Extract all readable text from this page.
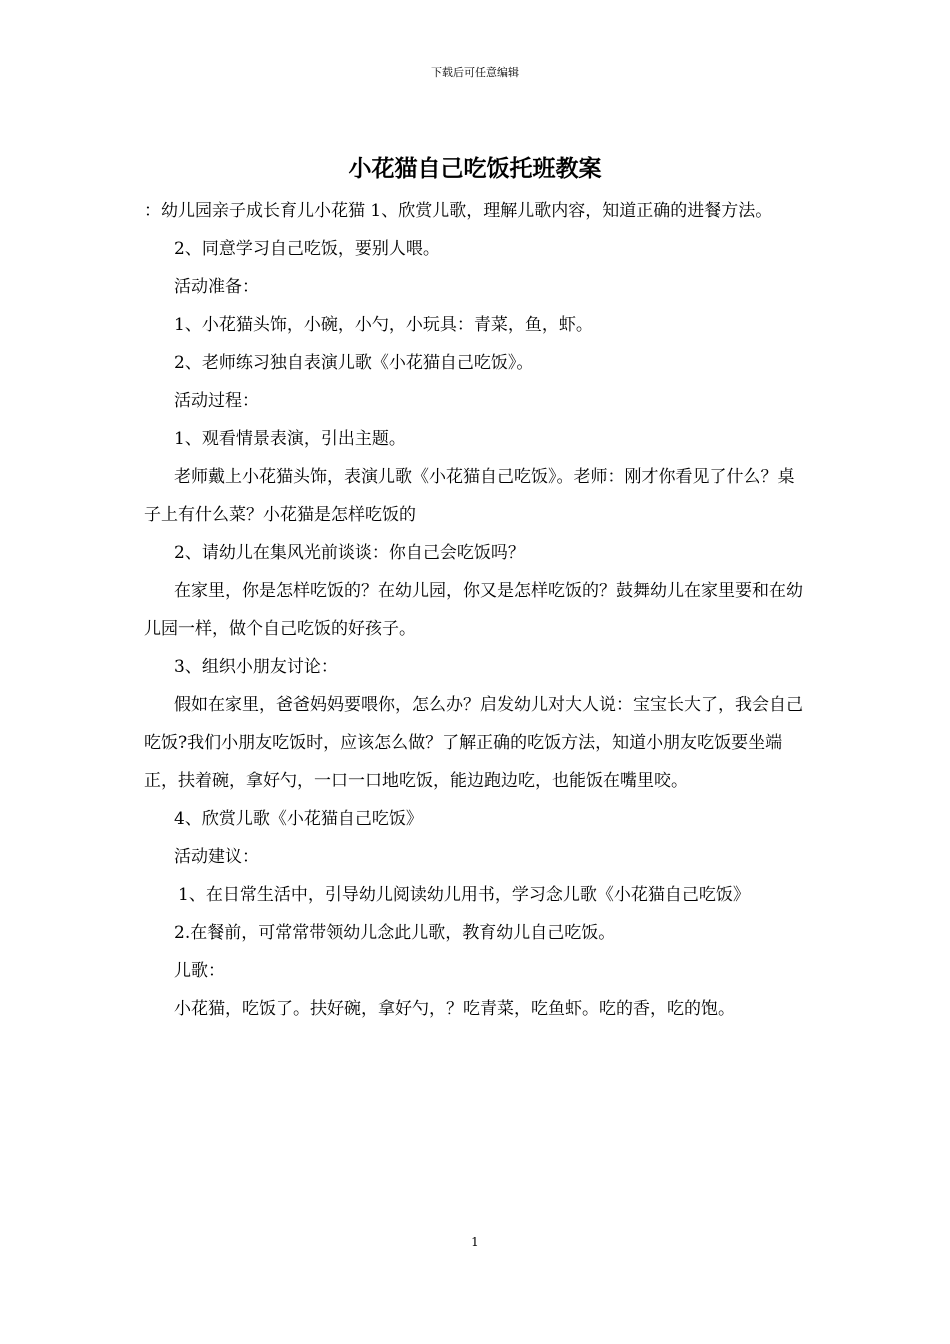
下载后可任意编辑
小花猫自己吃饭托班教案

：幼儿园亲子成长育儿小花猫 1、欣赏儿歌，理解儿歌内容，知道正确的进餐方法。

2、同意学习自己吃饭，要别人喂。

活动准备：

1、小花猫头饰，小碗，小勺，小玩具：青菜，鱼，虾。

2、老师练习独自表演儿歌《小花猫自己吃饭》。

活动过程：

1、观看情景表演，引出主题。

老师戴上小花猫头饰，表演儿歌《小花猫自己吃饭》。老师：刚才你看见了什么？桌子上有什么菜？小花猫是怎样吃饭的

2、请幼儿在集风光前谈谈：你自己会吃饭吗？

在家里，你是怎样吃饭的？在幼儿园，你又是怎样吃饭的？鼓舞幼儿在家里要和在幼儿园一样，做个自己吃饭的好孩子。

3、组织小朋友讨论：

假如在家里，爸爸妈妈要喂你，怎么办？启发幼儿对大人说：宝宝长大了，我会自己吃饭?我们小朋友吃饭时，应该怎么做？了解正确的吃饭方法，知道小朋友吃饭要坐端正，扶着碗，拿好勺，一口一口地吃饭，能边跑边吃，也能饭在嘴里咬。

4、欣赏儿歌《小花猫自己吃饭》

活动建议：

1、在日常生活中，引导幼儿阅读幼儿用书，学习念儿歌《小花猫自己吃饭》

2.在餐前，可常常带领幼儿念此儿歌，教育幼儿自己吃饭。

儿歌：

小花猫，吃饭了。扶好碗，拿好勺，？吃青菜，吃鱼虾。吃的香，吃的饱。

1
